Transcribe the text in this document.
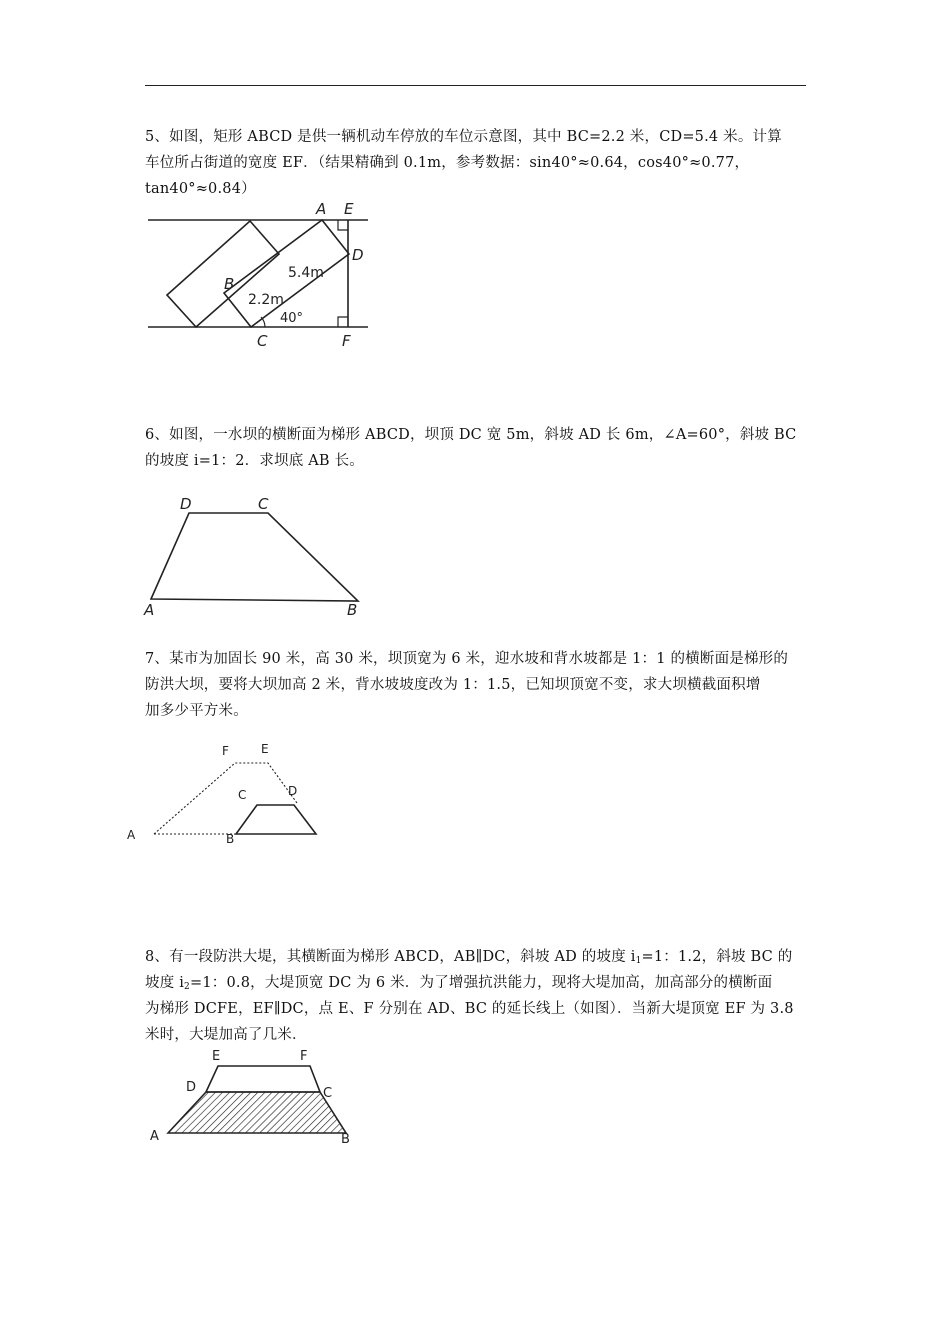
5、如图，矩形 ABCD 是供一辆机动车停放的车位示意图，其中 BC=2.2 米，CD=5.4 米。计算
车位所占街道的宽度 EF．（结果精确到 0.1m，参考数据：sin40°≈0.64，cos40°≈0.77，
tan40°≈0.84）
A E
D
B
C	F
5.4m
2.2m
40°
6、如图，一水坝的横断面为梯形 ABCD，坝顶 DC 宽 5m，斜坡 AD 长 6m，∠A=60°，斜坡 BC
的坡度 i=1：2．求坝底 AB 长。
D	C
A	B
7、某市为加固长 90 米，高 30 米，坝顶宽为 6 米，迎水坡和背水坡都是 1：1 的横断面是梯形的
防洪大坝，要将大坝加高 2 米，背水坡坡度改为 1：1.5，已知坝顶宽不变，求大坝横截面积增
加多少平方米。
F	E
C	D
A	B
8、有一段防洪大堤，其横断面为梯形 ABCD，AB∥DC，斜坡 AD 的坡度 $i_1=1$：1.2，斜坡 BC 的
坡度 $i_2=1$：0.8，大堤顶宽 DC 为 6 米．为了增强抗洪能力，现将大堤加高，加高部分的横断面
为梯形 DCFE，EF∥DC，点 E、F 分别在 AD、BC 的延长线上（如图）．当新大堤顶宽 EF 为 3.8
米时，大堤加高了几米．
E	F
D	C
A	B
